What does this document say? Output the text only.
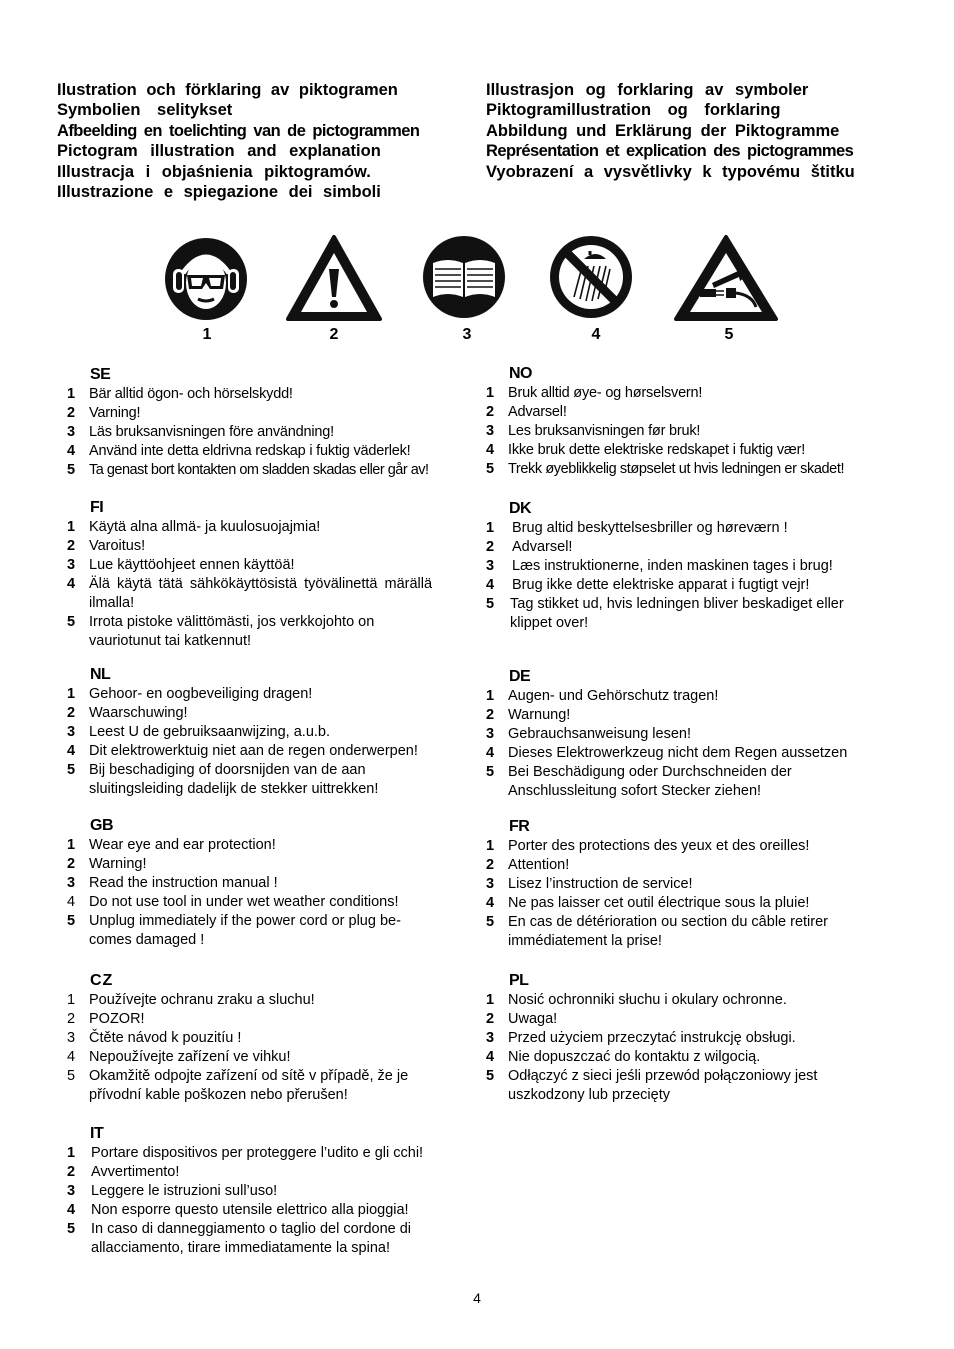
Ilustration och förklaring av piktogramen
Symbolien selitykset
Afbeelding en toelichting van de pictogrammen
Pictogram illustration and explanation
Illustracja i objaśnienia piktogramów.
Illustrazione e spiegazione dei simboli
Illustrasjon og forklaring av symboler
Piktogramillustration og forklaring
Abbildung und Erklärung der Piktogramme
Représentation et explication des pictogrammes
Vyobrazení a vysvětlivky k typovému štitku
1	2	3	4	5
SE
1 Bär alltid ögon- och hörselskydd!
2 Varning!
3 Läs bruksanvisningen före användning!
4 Använd inte detta eldrivna redskap i fuktig väderlek!
5 Ta genast bort kontakten om sladden skadas eller går av!
FI
1 Käytä alna allmä- ja kuulosuojajmia!
2 Varoitus!
3 Lue käyttöohjeet ennen käyttöä!
4 Älä käytä tätä sähkökäyttösistä työvälinettä märällä ilmalla!
5 Irrota pistoke välittömästi, jos verkkojohto on vauriotunut tai katkennut!
NL
1 Gehoor- en oogbeveiliging dragen!
2 Waarschuwing!
3 Leest U de gebruiksaanwijzing, a.u.b.
4 Dit elektrowerktuig niet aan de regen onderwerpen!
5 Bij beschadiging of doorsnijden van de aan sluitingsleiding dadelijk de stekker uittrekken!
GB
1 Wear eye and ear protection!
2 Warning!
3 Read the instruction manual !
4 Do not use tool in under wet weather conditions!
5 Unplug immediately if the power cord or plug be- comes damaged !
CZ
1 Používejte ochranu zraku a sluchu!
2 POZOR!
3 Čtěte návod k pouzitíu !
4 Nepoužívejte zařízení ve vihku!
5 Okamžitě odpojte zařízení od sítě v případě, že je přívodní kable poškozen nebo přerušen!
IT
1	Portare dispositivos per proteggere l’udito e gli cchi!
2	Avvertimento!
3	Leggere le istruzioni sull’uso!
4	Non esporre questo utensile elettrico alla pioggia!
5	In caso di danneggiamento o taglio del cordone di allacciamento, tirare immediatamente la spina!
NO
1 Bruk alltid øye- og hørselsvern!
2 Advarsel!
3 Les bruksanvisningen før bruk!
4 Ikke bruk dette elektriske redskapet i fuktig vær!
5 Trekk øyeblikkelig støpselet ut hvis ledningen er skadet!
DK
1	Brug altid beskyttelsesbriller og høreværn !
2	Advarsel!
3	Læs instruktionerne, inden maskinen tages i brug!
4	Brug ikke dette elektriske apparat i fugtigt vejr!
5	Tag stikket ud, hvis ledningen bliver beskadiget eller klippet over!
DE
1 Augen- und Gehörschutz tragen!
2 Warnung!
3 Gebrauchsanweisung lesen!
4 Dieses Elektrowerkzeug nicht dem Regen aussetzen
5 Bei Beschädigung oder Durchschneiden der Anschlussleitung sofort Stecker ziehen!
FR
1 Porter des protections des yeux et des oreilles!
2 Attention!
3 Lisez l’instruction de service!
4 Ne pas laisser cet outil électrique sous la pluie!
5 En cas de détérioration ou section du câble retirer immédiatement la prise!
PL
1 Nosić ochronniki słuchu i okulary ochronne.
2 Uwaga!
3 Przed użyciem przeczytać instrukcję obsługi.
4 Nie dopuszczać do kontaktu z wilgocią.
5 Odłączyć z sieci jeśli przewód połączoniowy jest uszkodzony lub przecięty
4
